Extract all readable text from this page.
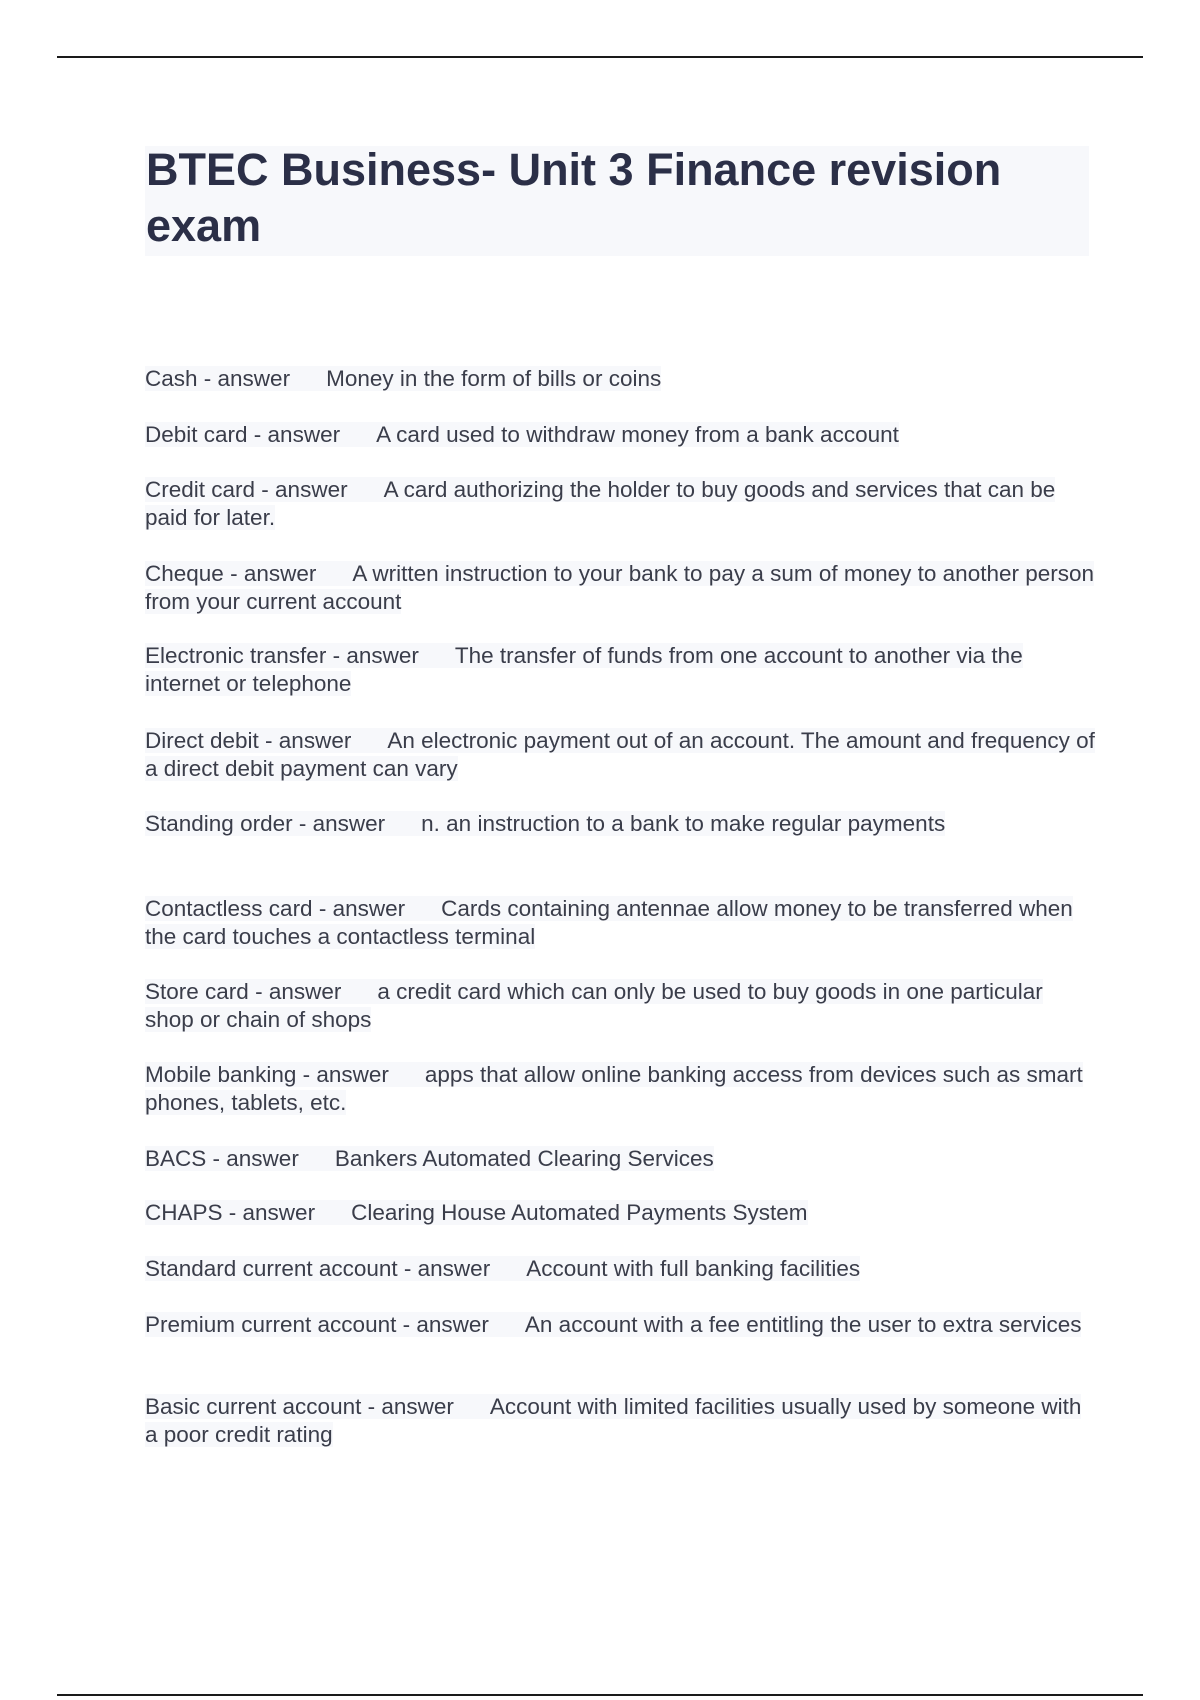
BTEC Business- Unit 3 Finance revision exam
Cash - answer Money in the form of bills or coins
Debit card - answer A card used to withdraw money from a bank account
Credit card - answer A card authorizing the holder to buy goods and services that can be paid for later.
Cheque - answer A written instruction to your bank to pay a sum of money to another person from your current account
Electronic transfer - answer The transfer of funds from one account to another via the internet or telephone
Direct debit - answer An electronic payment out of an account. The amount and frequency of a direct debit payment can vary
Standing order - answer n. an instruction to a bank to make regular payments
Contactless card - answer Cards containing antennae allow money to be transferred when the card touches a contactless terminal
Store card - answer a credit card which can only be used to buy goods in one particular shop or chain of shops
Mobile banking - answer apps that allow online banking access from devices such as smart phones, tablets, etc.
BACS - answer Bankers Automated Clearing Services
CHAPS - answer Clearing House Automated Payments System
Standard current account - answer Account with full banking facilities
Premium current account - answer An account with a fee entitling the user to extra services
Basic current account - answer Account with limited facilities usually used by someone with a poor credit rating
